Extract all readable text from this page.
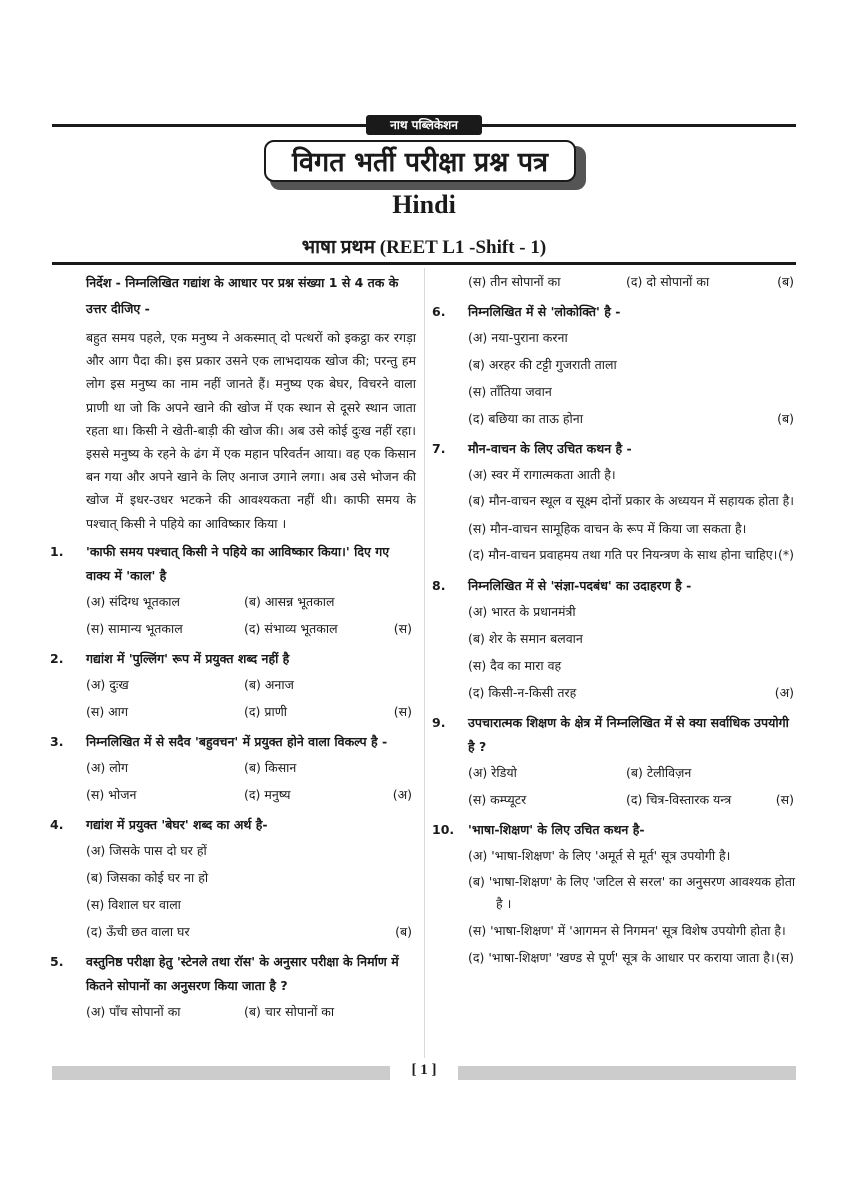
नाथ पब्लिकेशन
विगत भर्ती परीक्षा प्रश्न पत्र
Hindi
भाषा प्रथम (REET L1 -Shift - 1)
निर्देश - निम्नलिखित गद्यांश के आधार पर प्रश्न संख्या 1 से 4 तक के उत्तर दीजिए -
बहुत समय पहले, एक मनुष्य ने अकस्मात् दो पत्थरों को इकट्ठा कर रगड़ा और आग पैदा की। इस प्रकार उसने एक लाभदायक खोज की; परन्तु हम लोग इस मनुष्य का नाम नहीं जानते हैं। मनुष्य एक बेघर, विचरने वाला प्राणी था जो कि अपने खाने की खोज में एक स्थान से दूसरे स्थान जाता रहता था। किसी ने खेती-बाड़ी की खोज की। अब उसे कोई दुःख नहीं रहा। इससे मनुष्य के रहने के ढंग में एक महान परिवर्तन आया। वह एक किसान बन गया और अपने खाने के लिए अनाज उगाने लगा। अब उसे भोजन की खोज में इधर-उधर भटकने की आवश्यकता नहीं थी। काफी समय के पश्चात् किसी ने पहिये का आविष्कार किया ।
1. 'काफी समय पश्चात् किसी ने पहिये का आविष्कार किया।' दिए गए वाक्य में 'काल' है
(अ) संदिग्ध भूतकाल	(ब) आसन्न भूतकाल
(स) सामान्य भूतकाल	(द) संभाव्य भूतकाल	(स)
2. गद्यांश में 'पुल्लिंग' रूप में प्रयुक्त शब्द नहीं है
(अ) दुःख	(ब) अनाज
(स) आग	(द) प्राणी	(स)
3. निम्नलिखित में से सदैव 'बहुवचन' में प्रयुक्त होने वाला विकल्प है -
(अ) लोग	(ब) किसान
(स) भोजन	(द) मनुष्य	(अ)
4. गद्यांश में प्रयुक्त 'बेघर' शब्द का अर्थ है-
(अ) जिसके पास दो घर हों
(ब) जिसका कोई घर ना हो
(स) विशाल घर वाला
(द) ऊँची छत वाला घर	(ब)
5. वस्तुनिष्ठ परीक्षा हेतु 'स्टेनले तथा रॉस' के अनुसार परीक्षा के निर्माण में कितने सोपानों का अनुसरण किया जाता है ?
(अ) पाँच सोपानों का	(ब) चार सोपानों का
(स) तीन सोपानों का	(द) दो सोपानों का	(ब)
6. निम्नलिखित में से 'लोकोक्ति' है -
(अ) नया-पुराना करना
(ब) अरहर की टट्टी गुजराती ताला
(स) ताँतिया जवान
(द) बछिया का ताऊ होना	(ब)
7. मौन-वाचन के लिए उचित कथन है -
(अ) स्वर में रागात्मकता आती है।
(ब) मौन-वाचन स्थूल व सूक्ष्म दोनों प्रकार के अध्ययन में सहायक होता है।
(स) मौन-वाचन सामूहिक वाचन के रूप में किया जा सकता है।
(द) मौन-वाचन प्रवाहमय तथा गति पर नियन्त्रण के साथ होना चाहिए। (*)
8. निम्नलिखित में से 'संज्ञा-पदबंध' का उदाहरण है -
(अ) भारत के प्रधानमंत्री
(ब) शेर के समान बलवान
(स) दैव का मारा वह
(द) किसी-न-किसी तरह	(अ)
9. उपचारात्मक शिक्षण के क्षेत्र में निम्नलिखित में से क्या सर्वाधिक उपयोगी है ?
(अ) रेडियो	(ब) टेलीविज़न
(स) कम्प्यूटर	(द) चित्र-विस्तारक यन्त्र	(स)
10. 'भाषा-शिक्षण' के लिए उचित कथन है-
(अ) 'भाषा-शिक्षण' के लिए 'अमूर्त से मूर्त' सूत्र उपयोगी है।
(ब) 'भाषा-शिक्षण' के लिए 'जटिल से सरल' का अनुसरण आवश्यक होता है ।
(स) 'भाषा-शिक्षण' में 'आगमन से निगमन' सूत्र विशेष उपयोगी होता है।
(द) 'भाषा-शिक्षण' 'खण्ड से पूर्ण' सूत्र के आधार पर कराया जाता है। (स)
[ 1 ]
